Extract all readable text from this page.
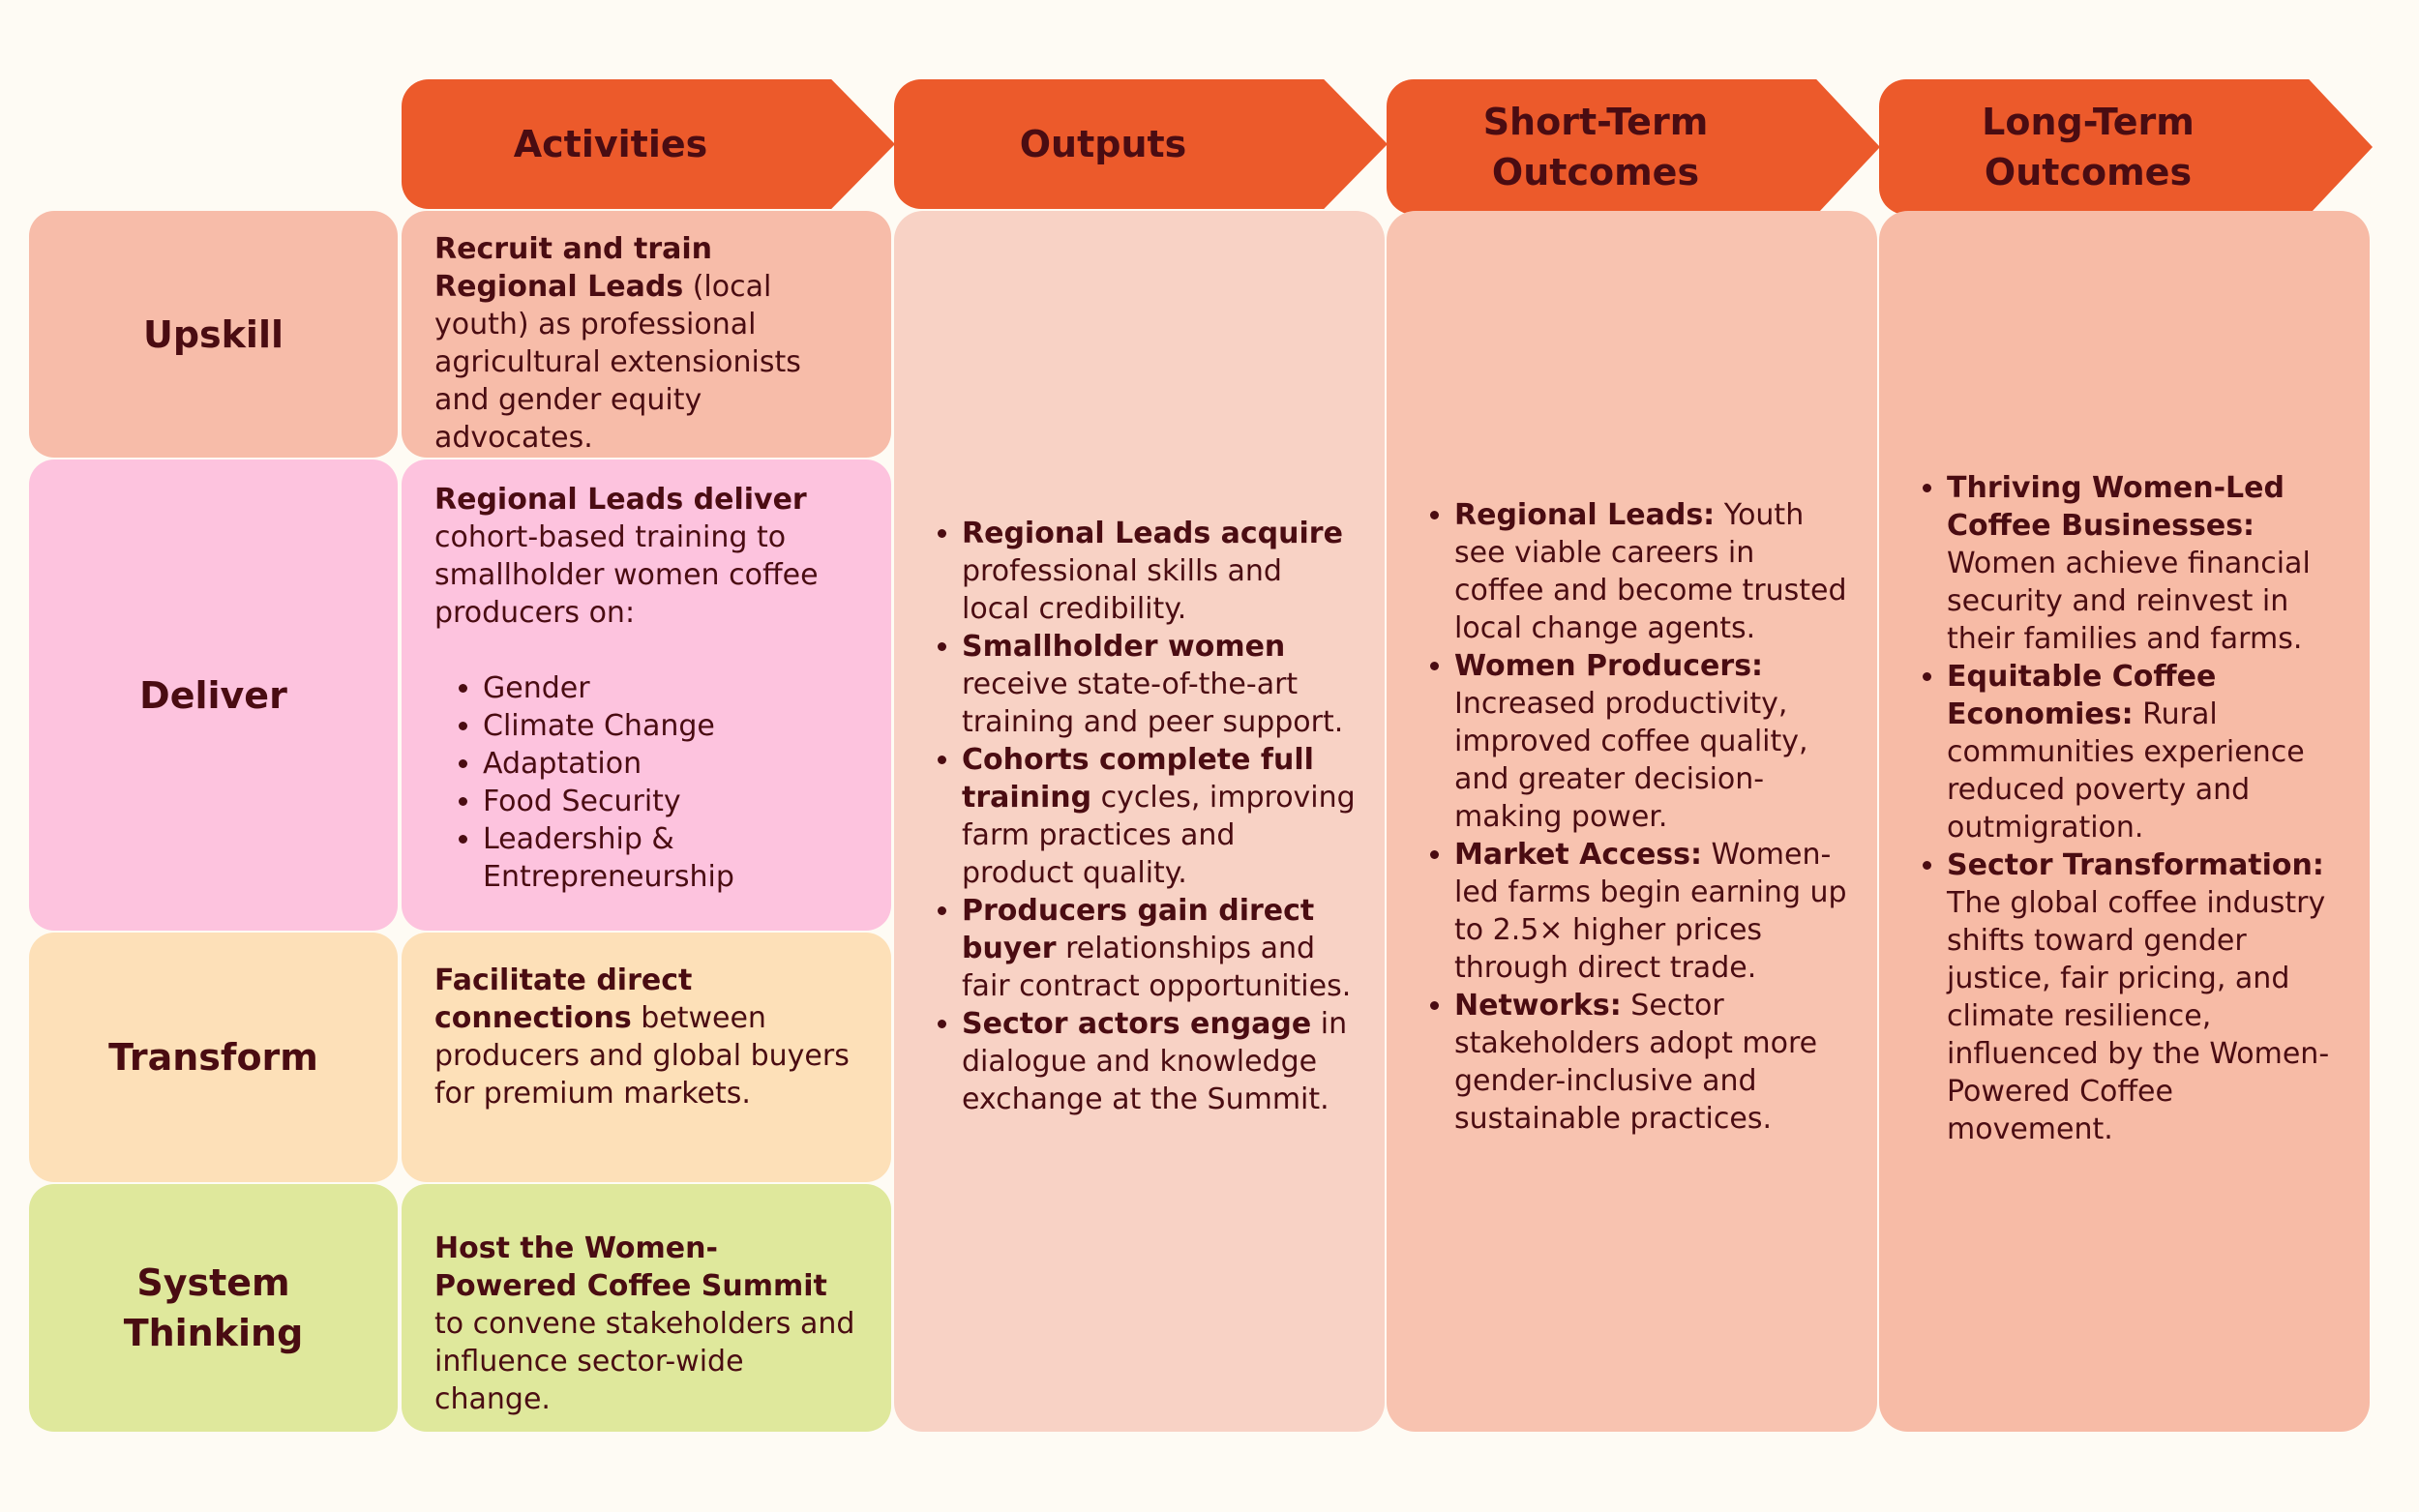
Activities	Outputs
Short-Term
Outcomes
Long-Term
Outcomes
Upskill
Deliver
Transform
System
Thinking
Recruit and train Regional Leads (local youth) as professional agricultural extensionists and gender equity advocates.
Regional Leads deliver cohort-based training to smallholder women coffee producers on:
• Gender
• Climate Change
• Adaptation
• Food Security
• Leadership & Entrepreneurship
Facilitate direct connections between producers and global buyers for premium markets.
Host the Women-Powered Coffee Summit to convene stakeholders and influence sector-wide change.
• Regional Leads acquire professional skills and local credibility.
• Smallholder women receive state-of-the-art training and peer support.
• Cohorts complete full training cycles, improving farm practices and product quality.
• Producers gain direct buyer relationships and fair contract opportunities.
• Sector actors engage in dialogue and knowledge exchange at the Summit.
• Regional Leads: Youth see viable careers in coffee and become trusted local change agents.
• Women Producers: Increased productivity, improved coffee quality, and greater decision-making power.
• Market Access: Women-led farms begin earning up to 2.5× higher prices through direct trade.
• Networks: Sector stakeholders adopt more gender-inclusive and sustainable practices.
• Thriving Women-Led Coffee Businesses: Women achieve financial security and reinvest in their families and farms.
• Equitable Coffee Economies: Rural communities experience reduced poverty and outmigration.
• Sector Transformation: The global coffee industry shifts toward gender justice, fair pricing, and climate resilience, influenced by the Women-Powered Coffee movement.
